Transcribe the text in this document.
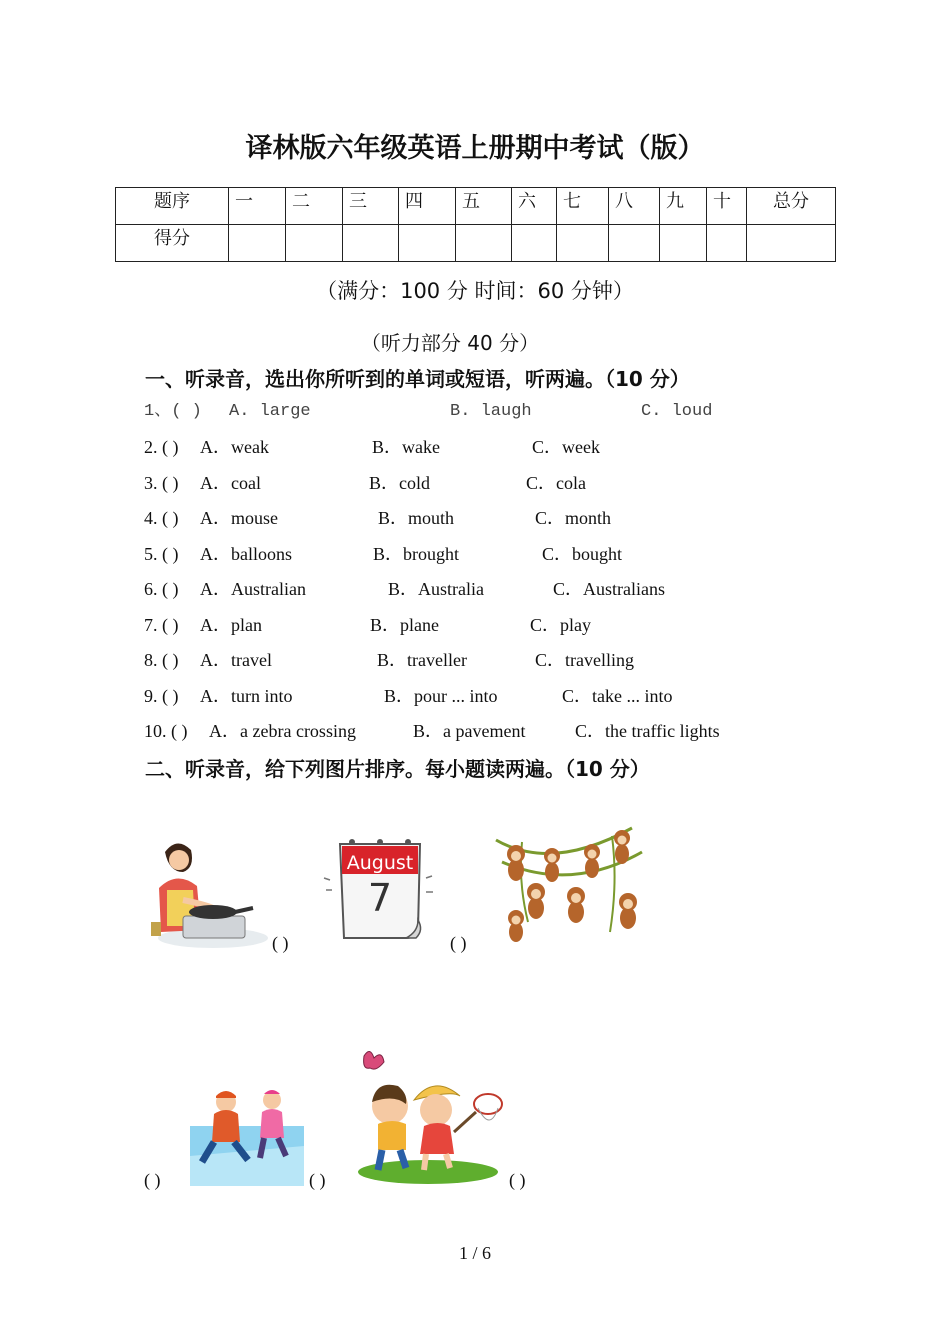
译林版六年级英语上册期中考试（版）
题序	一	二	三	四	五	六	七	八	九	十	总分
得分											
（满分：100 分 时间：60 分钟）
（听力部分 40 分）
一、听录音，选出你所听到的单词或短语，听两遍。（10 分）
1、( ) A. large	B. laugh	C. loud
2. ( ) A．weak	B．wake	C．week
3. ( ) A．coal	B．cold	C．cola
4. ( ) A．mouse	B．mouth	C．month
5. ( ) A．balloons	B．brought	C．bought
6. ( ) A．Australian	B．Australia	C．Australians
7. ( ) A．plan	B．plane	C．play
8. ( ) A．travel	B．traveller	C．travelling
9. ( ) A．turn into	B．pour ... into	C．take ... into
10. ( ) A．a zebra crossing	B．a pavement	C．the traffic lights
二、听录音，给下列图片排序。每小题读两遍。（10 分）
( )
August
7
( )
( )	( )	( )
1 / 6
